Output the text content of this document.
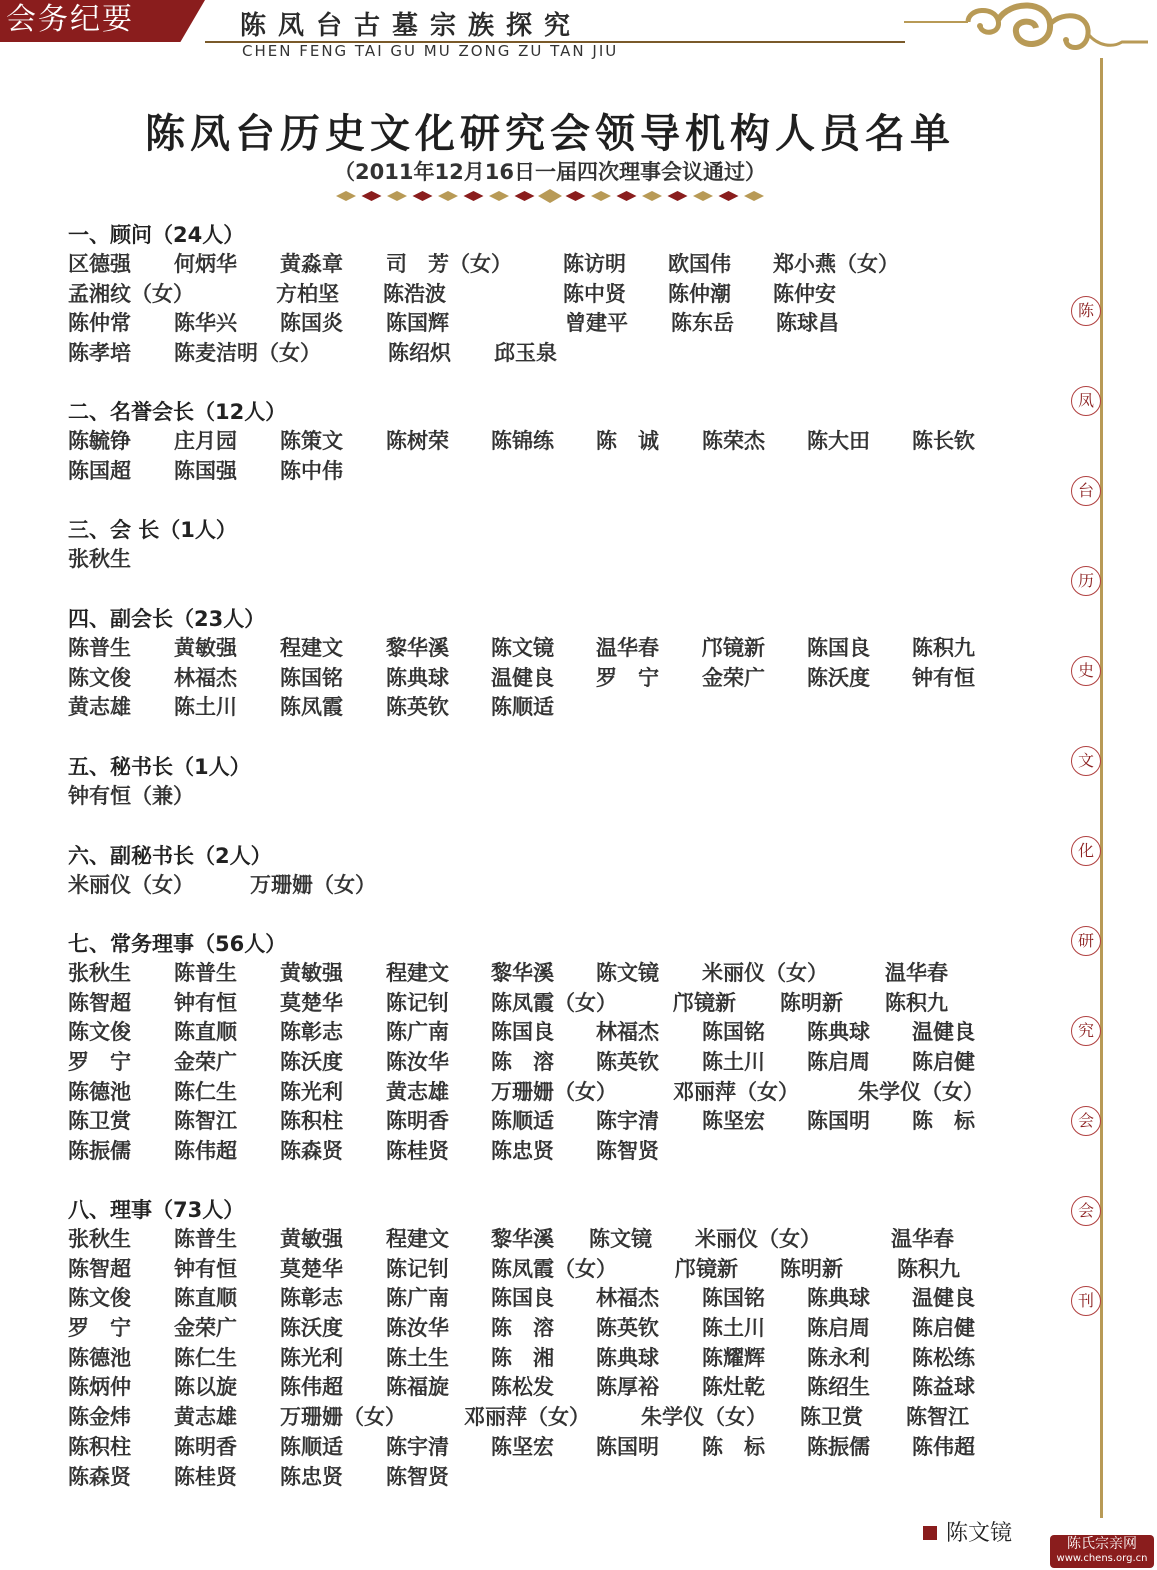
会务纪要	陈凤台古墓宗族探究
CHEN FENG TAI GU MU ZONG ZU TAN JIU
陈
凤
台
历
史
文
化
研
究
会
会
刊
陈凤台历史文化研究会领导机构人员名单
（2011年12月16日一届四次理事会议通过）
一、顾问（24人）
区德强 何炳华 黄淼章 司　芳（女） 陈访明 欧国伟 郑小燕（女）
孟湘纹（女）	方柏坚 陈浩波	陈中贤 陈仲潮 陈仲安
陈仲常 陈华兴 陈国炎 陈国辉	曾建平 陈东岳 陈球昌
陈孝培 陈麦洁明（女）	陈绍炽 邱玉泉
二、名誉会长（12人）
陈毓铮 庄月园 陈策文 陈树荣 陈锦练 陈　诚 陈荣杰 陈大田 陈长钦
陈国超 陈国强 陈中伟
三、会 长（1人）
张秋生
四、副会长（23人）
陈普生 黄敏强 程建文 黎华溪 陈文镜 温华春 邝镜新 陈国良 陈积九
陈文俊 林福杰 陈国铭 陈典球 温健良 罗　宁 金荣广 陈沃度 钟有恒
黄志雄 陈土川 陈凤霞 陈英钦 陈顺适
五、秘书长（1人）
钟有恒（兼）
六、副秘书长（2人）
米丽仪（女）	万珊姗（女）
七、常务理事（56人）
张秋生 陈普生 黄敏强 程建文 黎华溪 陈文镜 米丽仪（女）	温华春
陈智超 钟有恒 莫楚华 陈记钊 陈凤霞（女）	邝镜新 陈明新 陈积九
陈文俊 陈直顺 陈彰志 陈广南 陈国良 林福杰 陈国铭 陈典球 温健良
罗　宁 金荣广 陈沃度 陈汝华 陈　溶 陈英钦 陈土川 陈启周 陈启健
陈德池 陈仁生 陈光利 黄志雄 万珊姗（女）	邓丽萍（女）	朱学仪（女）
陈卫赏 陈智江 陈积柱 陈明香 陈顺适 陈宇清 陈坚宏 陈国明 陈　标
陈振儒 陈伟超 陈森贤 陈桂贤 陈忠贤 陈智贤
八、理事（73人）
张秋生 陈普生 黄敏强 程建文 黎华溪 陈文镜 米丽仪（女）	温华春
陈智超 钟有恒 莫楚华 陈记钊 陈凤霞（女）	邝镜新 陈明新	陈积九
陈文俊 陈直顺 陈彰志 陈广南 陈国良 林福杰 陈国铭 陈典球 温健良
罗　宁 金荣广 陈沃度 陈汝华 陈　溶 陈英钦 陈土川 陈启周 陈启健
陈德池 陈仁生 陈光利 陈土生 陈　湘 陈典球 陈耀辉 陈永利 陈松练
陈炳仲 陈以旋 陈伟超 陈福旋 陈松发 陈厚裕 陈灶乾 陈绍生 陈益球
陈金炜 黄志雄 万珊姗（女）	邓丽萍（女） 朱学仪（女） 陈卫赏 陈智江
陈积柱 陈明香 陈顺适 陈宇清 陈坚宏 陈国明 陈　标 陈振儒 陈伟超
陈森贤 陈桂贤 陈忠贤 陈智贤
陈文镜	陈氏宗亲网
www.chens.org.cn
